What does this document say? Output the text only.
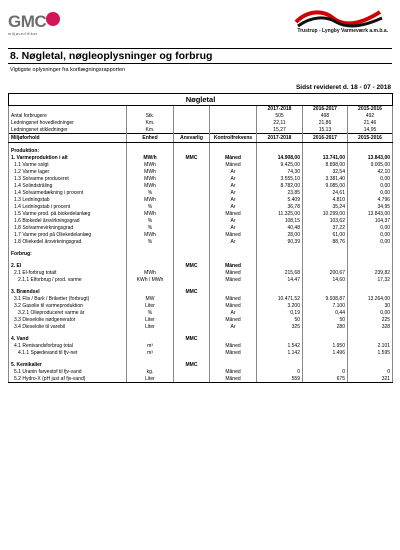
GMC
miljøcertifikat	Trustrup - Lyngby Varmeværk a.m.b.a.
8. Nøgletal, nøgleoplysninger og forbrug
Vigtigste oplysninger fra kortlægningsrapporten
Sidst revideret d. 18 - 07 - 2018
Nøgletal						
				2017-2018	2016-2017	2015-2016
Antal forbrugere	Stk.			505	498	492
Ledningsnet hovedledninger	Km.			22,11	21,86	21,46
Ledningsnet stikledninger	Km.			15,27	15,13	14,95
Miljøforhold	Enhed	Ansvarlig	Kontrolfrekvens	2017-2018	2016-2017	2015-2016

Produktion:						
1. Varmeproduktion i alt	MW/h	MMC	Måned	14.908,00	13.741,00	13.843,00
1.1 Varme solgt	MWh		Måned	9.425,00	8.898,00	9.005,00
1.2 Varme lager	MWh		År	74,30	32,54	42,10
1.3 Solvarme produceret	MWh		År	3.555,10	3.381,40	0,00
1.4 Solindstråling	MWh		År	8.782,00	9.085,00	0,00
1.4 Solvarmedækning i procent	%		År	23,85	24,61	0,00
1.3 Ledningstab	MWh		År	5.409	4.810	4.796
1.4 Ledningstab i procent	%		År	36,78	35,24	34,95
1.5 Varme prod. på biokedelanlæg	MWh		Måned	11.325,00	10.299,00	13.843,00
1.6 Biokedel årsvirkningsgrad	%		År	108,15	103,62	104,37
1.8 Solvarmevirkningsgrad	%		År	40,48	37,22	0,00
1.7 Varme prod på Oliekedelanlæg	MWh		Måned	28,00	61,00	0,00
1.8 Oliekedel årsvirkningsgrad	%		År	90,39	88,76	0,00

Forbrug:						

2. El		MMC	Måned			
2.1 El-forbrug totalt	MWh		Måned	215,68	200,67	239,82
2.1.1 Elforbrug / prod. varme	KWh / MWh		Måned	14,47	14,60	17,32

3. Brændsel		MMC				
3.1 Flis / Bark / Briketter (forbrugt)	MW		Måned	10.471,52	9.938,87	13.264,00
3.2 Gasolie til varmeproduktion	Liter		Måned	3.200	7.100	30
3.2.1 Olieproduceret varme år	%		År	0,19	0,44	0,00
3.3 Dieselolie nødgenerator	Liter		Måned	50	50	225
3.4 Dieselolie til varebil	Liter		År	325	280	328

4. Vand		MMC				
4.1 Rentvandsforbrug total	m³		Måned	1.542	1.950	2.101
4.1.1 Spædevand til fjv-net	m³		Måned	1.142	1.496	1.595

5. Kemikalier		MMC				
5.1 Uranin farvestof til fjv-vand	kg.		Måned	0	0	0
5.2 Hydro-X (pH just af fjv-vand)	Liter		Måned	559	675	321
